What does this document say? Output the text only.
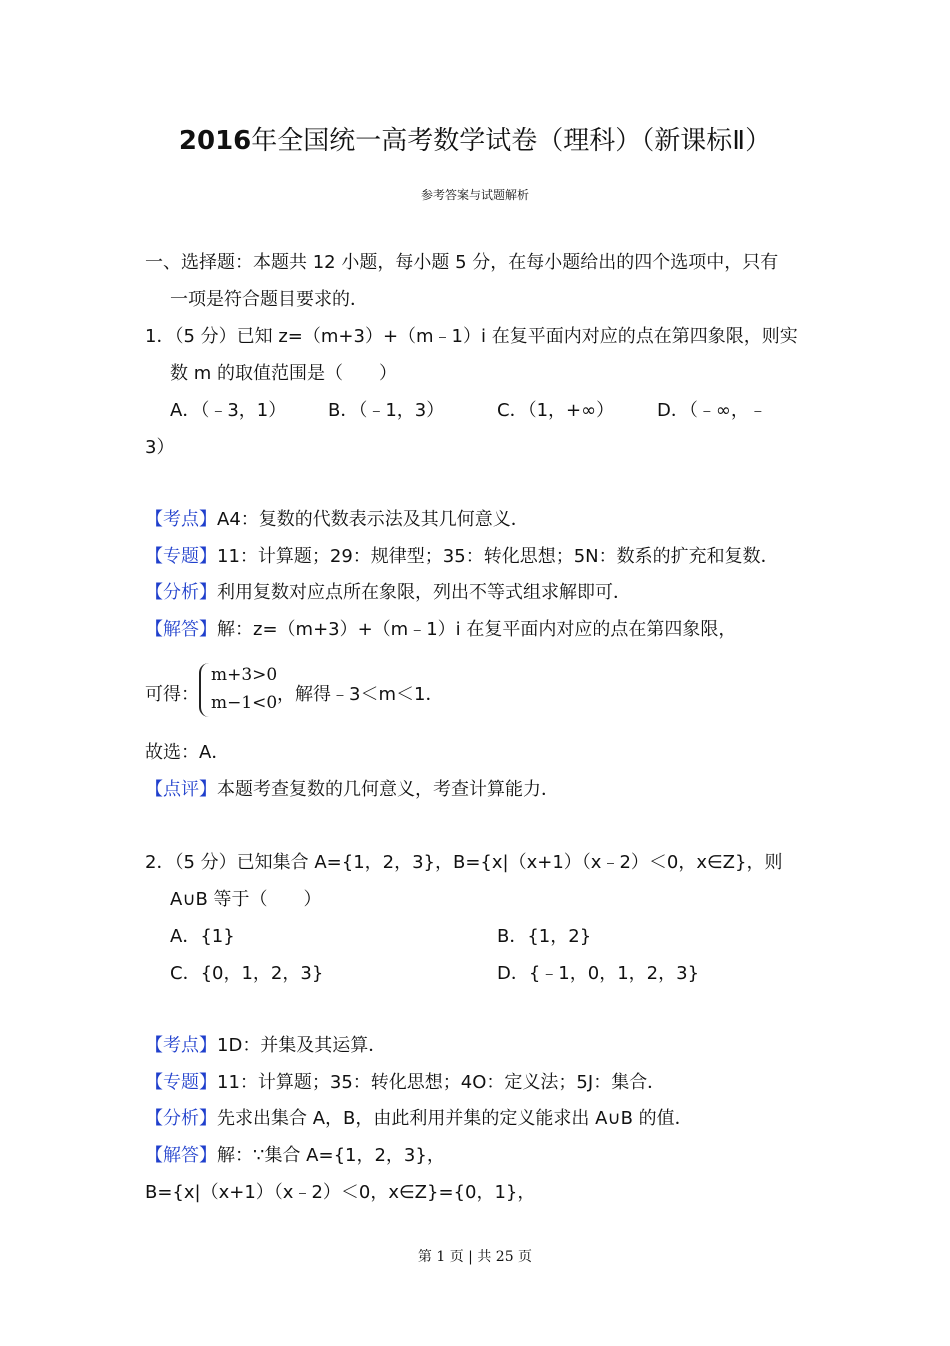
2016年全国统一高考数学试卷（理科）（新课标Ⅱ）
参考答案与试题解析
一、选择题：本题共 12 小题，每小题 5 分，在每小题给出的四个选项中，只有
一项是符合题目要求的．
1．（5 分）已知 z=（m+3）+（m﹣1）i 在复平面内对应的点在第四象限，则实
数 m 的取值范围是（　　）
A．（﹣3，1） B．（﹣1，3）	C．（1，+∞） D．（﹣∞，﹣
3）
【考点】A4：复数的代数表示法及其几何意义．
【专题】11：计算题；29：规律型；35：转化思想；5N：数系的扩充和复数．
【分析】利用复数对应点所在象限，列出不等式组求解即可．
【解答】解：z=（m+3）+（m﹣1）i 在复平面内对应的点在第四象限，
可得：
m+3>0
m−1<0 ，解得﹣3＜m＜1．
故选：A．
【点评】本题考查复数的几何意义，考查计算能力．
2．（5 分）已知集合 A={1，2，3}，B={x|（x+1）（x﹣2）＜0，x∈Z}，则
A∪B 等于（　　）
A．{1}	B．{1，2}
C．{0，1，2，3}	D．{﹣1，0，1，2，3}
【考点】1D：并集及其运算．
【专题】11：计算题；35：转化思想；4O：定义法；5J：集合．
【分析】先求出集合 A，B，由此利用并集的定义能求出 A∪B 的值．
【解答】解：∵集合 A={1，2，3}，
B={x|（x+1）（x﹣2）＜0，x∈Z}={0，1}，
第 1 页 | 共 25 页
